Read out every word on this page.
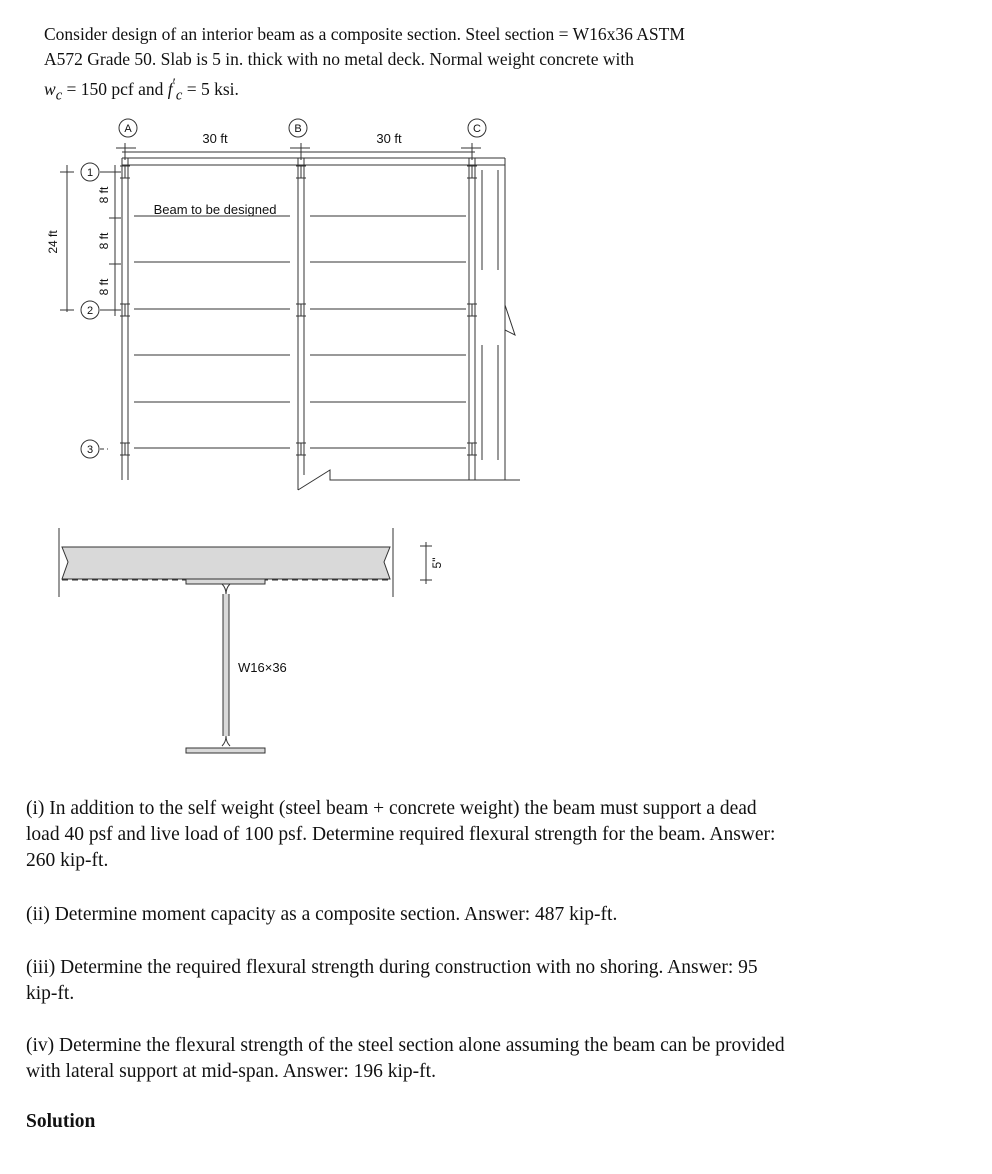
Consider design of an interior beam as a composite section. Steel section = W16x36 ASTM

A572 Grade 50. Slab is 5 in. thick with no metal deck. Normal weight concrete with

$w_c = 150$ pcf and $f'_c = 5$ ksi.

A	B	C
1
2
3
30 ft	30 ft
Beam to be designed
24 ft
8 ft
8 ft
8 ft
W16×36
5"

(i) In addition to the self weight (steel beam + concrete weight) the beam must support a dead

load 40 psf and live load of 100 psf. Determine required flexural strength for the beam. Answer:

260 kip-ft.

(ii) Determine moment capacity as a composite section. Answer: 487 kip-ft.

(iii) Determine the required flexural strength during construction with no shoring. Answer: 95

kip-ft.

(iv) Determine the flexural strength of the steel section alone assuming the beam can be provided

with lateral support at mid-span. Answer: 196 kip-ft.

Solution
